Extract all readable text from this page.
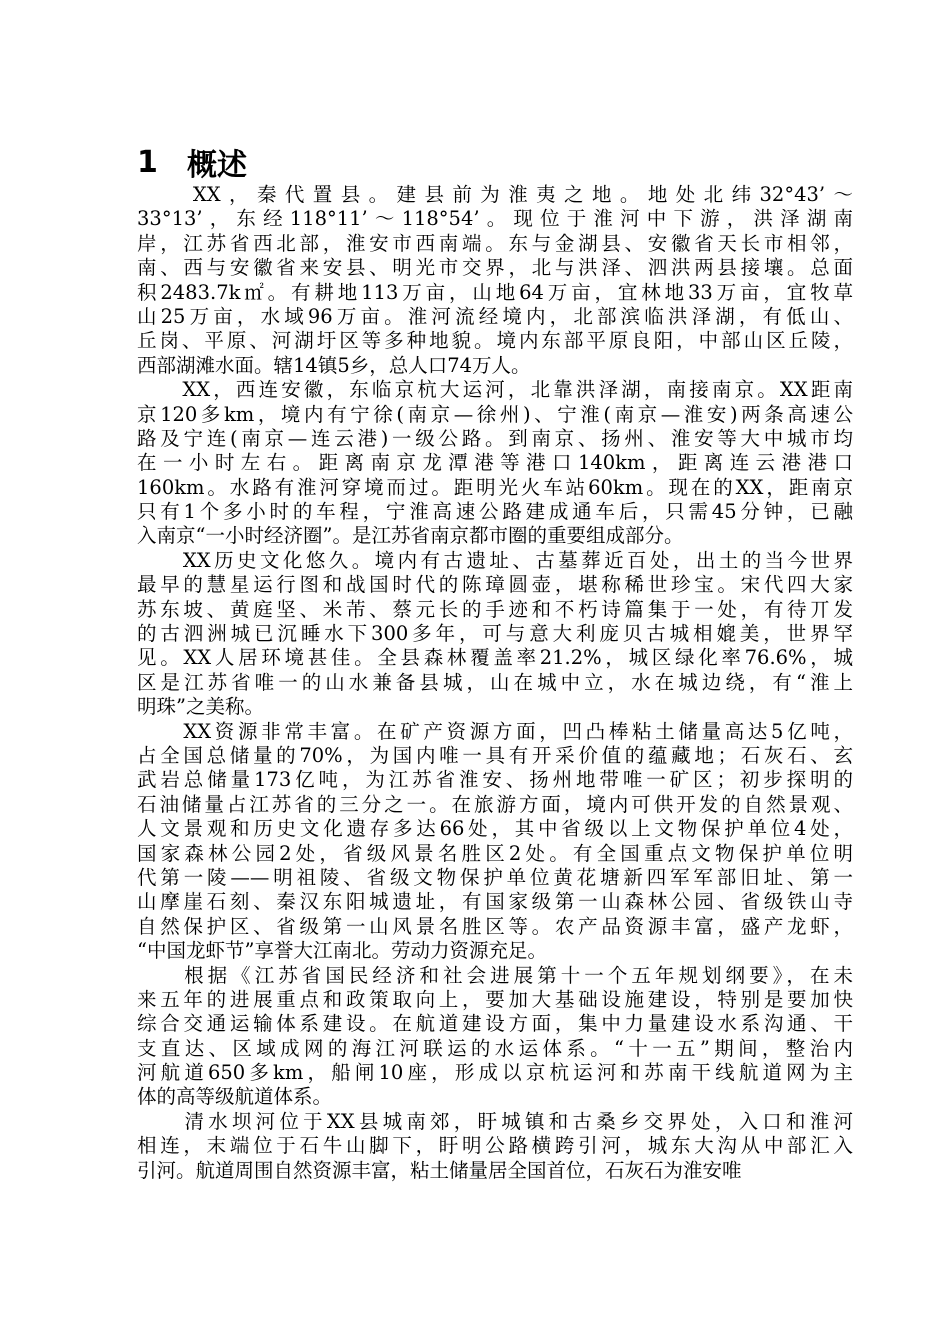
1 概述
　　XX，秦代置县。建县前为淮夷之地。地处北纬32°43’～
33°13’，东经118°11’～118°54’。现位于淮河中下游，洪泽湖南
岸，江苏省西北部，淮安市西南端。东与金湖县、安徽省天长市相邻，
南、西与安徽省来安县、明光市交界，北与洪泽、泗洪两县接壤。总面
积2483.7k㎡。有耕地113万亩，山地64万亩，宜林地33万亩，宜牧草
山25万亩，水域96万亩。淮河流经境内，北部滨临洪泽湖，有低山、
丘岗、平原、河湖圩区等多种地貌。境内东部平原良阳，中部山区丘陵，
西部湖滩水面。辖14镇5乡，总人口74万人。
　　XX，西连安徽，东临京杭大运河，北靠洪泽湖，南接南京。XX距南
京120多km，境内有宁徐(南京—徐州)、宁淮(南京—淮安)两条高速公
路及宁连(南京—连云港)一级公路。到南京、扬州、淮安等大中城市均
在一小时左右。距离南京龙潭港等港口140km，距离连云港港口
160km。水路有淮河穿境而过。距明光火车站60km。现在的XX，距南京
只有1个多小时的车程，宁淮高速公路建成通车后，只需45分钟，已融
入南京“一小时经济圈”。是江苏省南京都市圈的重要组成部分。
　　XX历史文化悠久。境内有古遗址、古墓葬近百处，出土的当今世界
最早的慧星运行图和战国时代的陈璋圆壶，堪称稀世珍宝。宋代四大家
苏东坡、黄庭坚、米芾、蔡元长的手迹和不朽诗篇集于一处，有待丌发
的古泗洲城已沉睡水下300多年，可与意大利庞贝古城相媲美，世界罕
见。XX人居环境甚佳。全县森林覆盖率21.2%，城区绿化率76.6%，城
区是江苏省唯一的山水兼备县城，山在城中立，水在城边绕，有“淮上
明珠”之美称。
　　XX资源非常丰富。在矿产资源方面，凹凸棒粘土储量高达5亿吨，
占全国总储量的70%，为国内唯一具有开采价值的蕴藏地；石灰石、玄
武岩总储量173亿吨，为江苏省淮安、扬州地带唯一矿区；初步探明的
石油储量占江苏省的三分之一。在旅游方面，境内可供开发的自然景观、
人文景观和历史文化遗存多达66处，其中省级以上文物保护单位4处，
国家森林公园2处，省级风景名胜区2处。有全国重点文物保护单位明
代第一陵——明祖陵、省级文物保护单位黄花塘新四军军部旧址、第一
山摩崖石刻、秦汉东阳城遗址，有国家级第一山森林公园、省级铁山寺
自然保护区、省级第一山风景名胜区等。农产品资源丰富，盛产龙虾，
“中国龙虾节”享誉大江南北。劳动力资源充足。
　　根据《江苏省国民经济和社会进展第十一个五年规划纲要》，在未
来五年的进展重点和政策取向上，要加大基础设施建设，特别是要加快
综合交通运输体系建设。在航道建设方面，集中力量建设水系沟通、干
支直达、区域成网的海江河联运的水运体系。“十一五”期间，整治内
河航道650多km，船闸10座，形成以京杭运河和苏南干线航道网为主
体的高等级航道体系。
　　清水坝河位于XX县城南郊，盱城镇和古桑乡交界处，入口和淮河
相连，末端位于石牛山脚下，盱明公路横跨引河，城东大沟从中部汇入
引河。航道周围自然资源丰富，粘土储量居全国首位，石灰石为淮安唯
